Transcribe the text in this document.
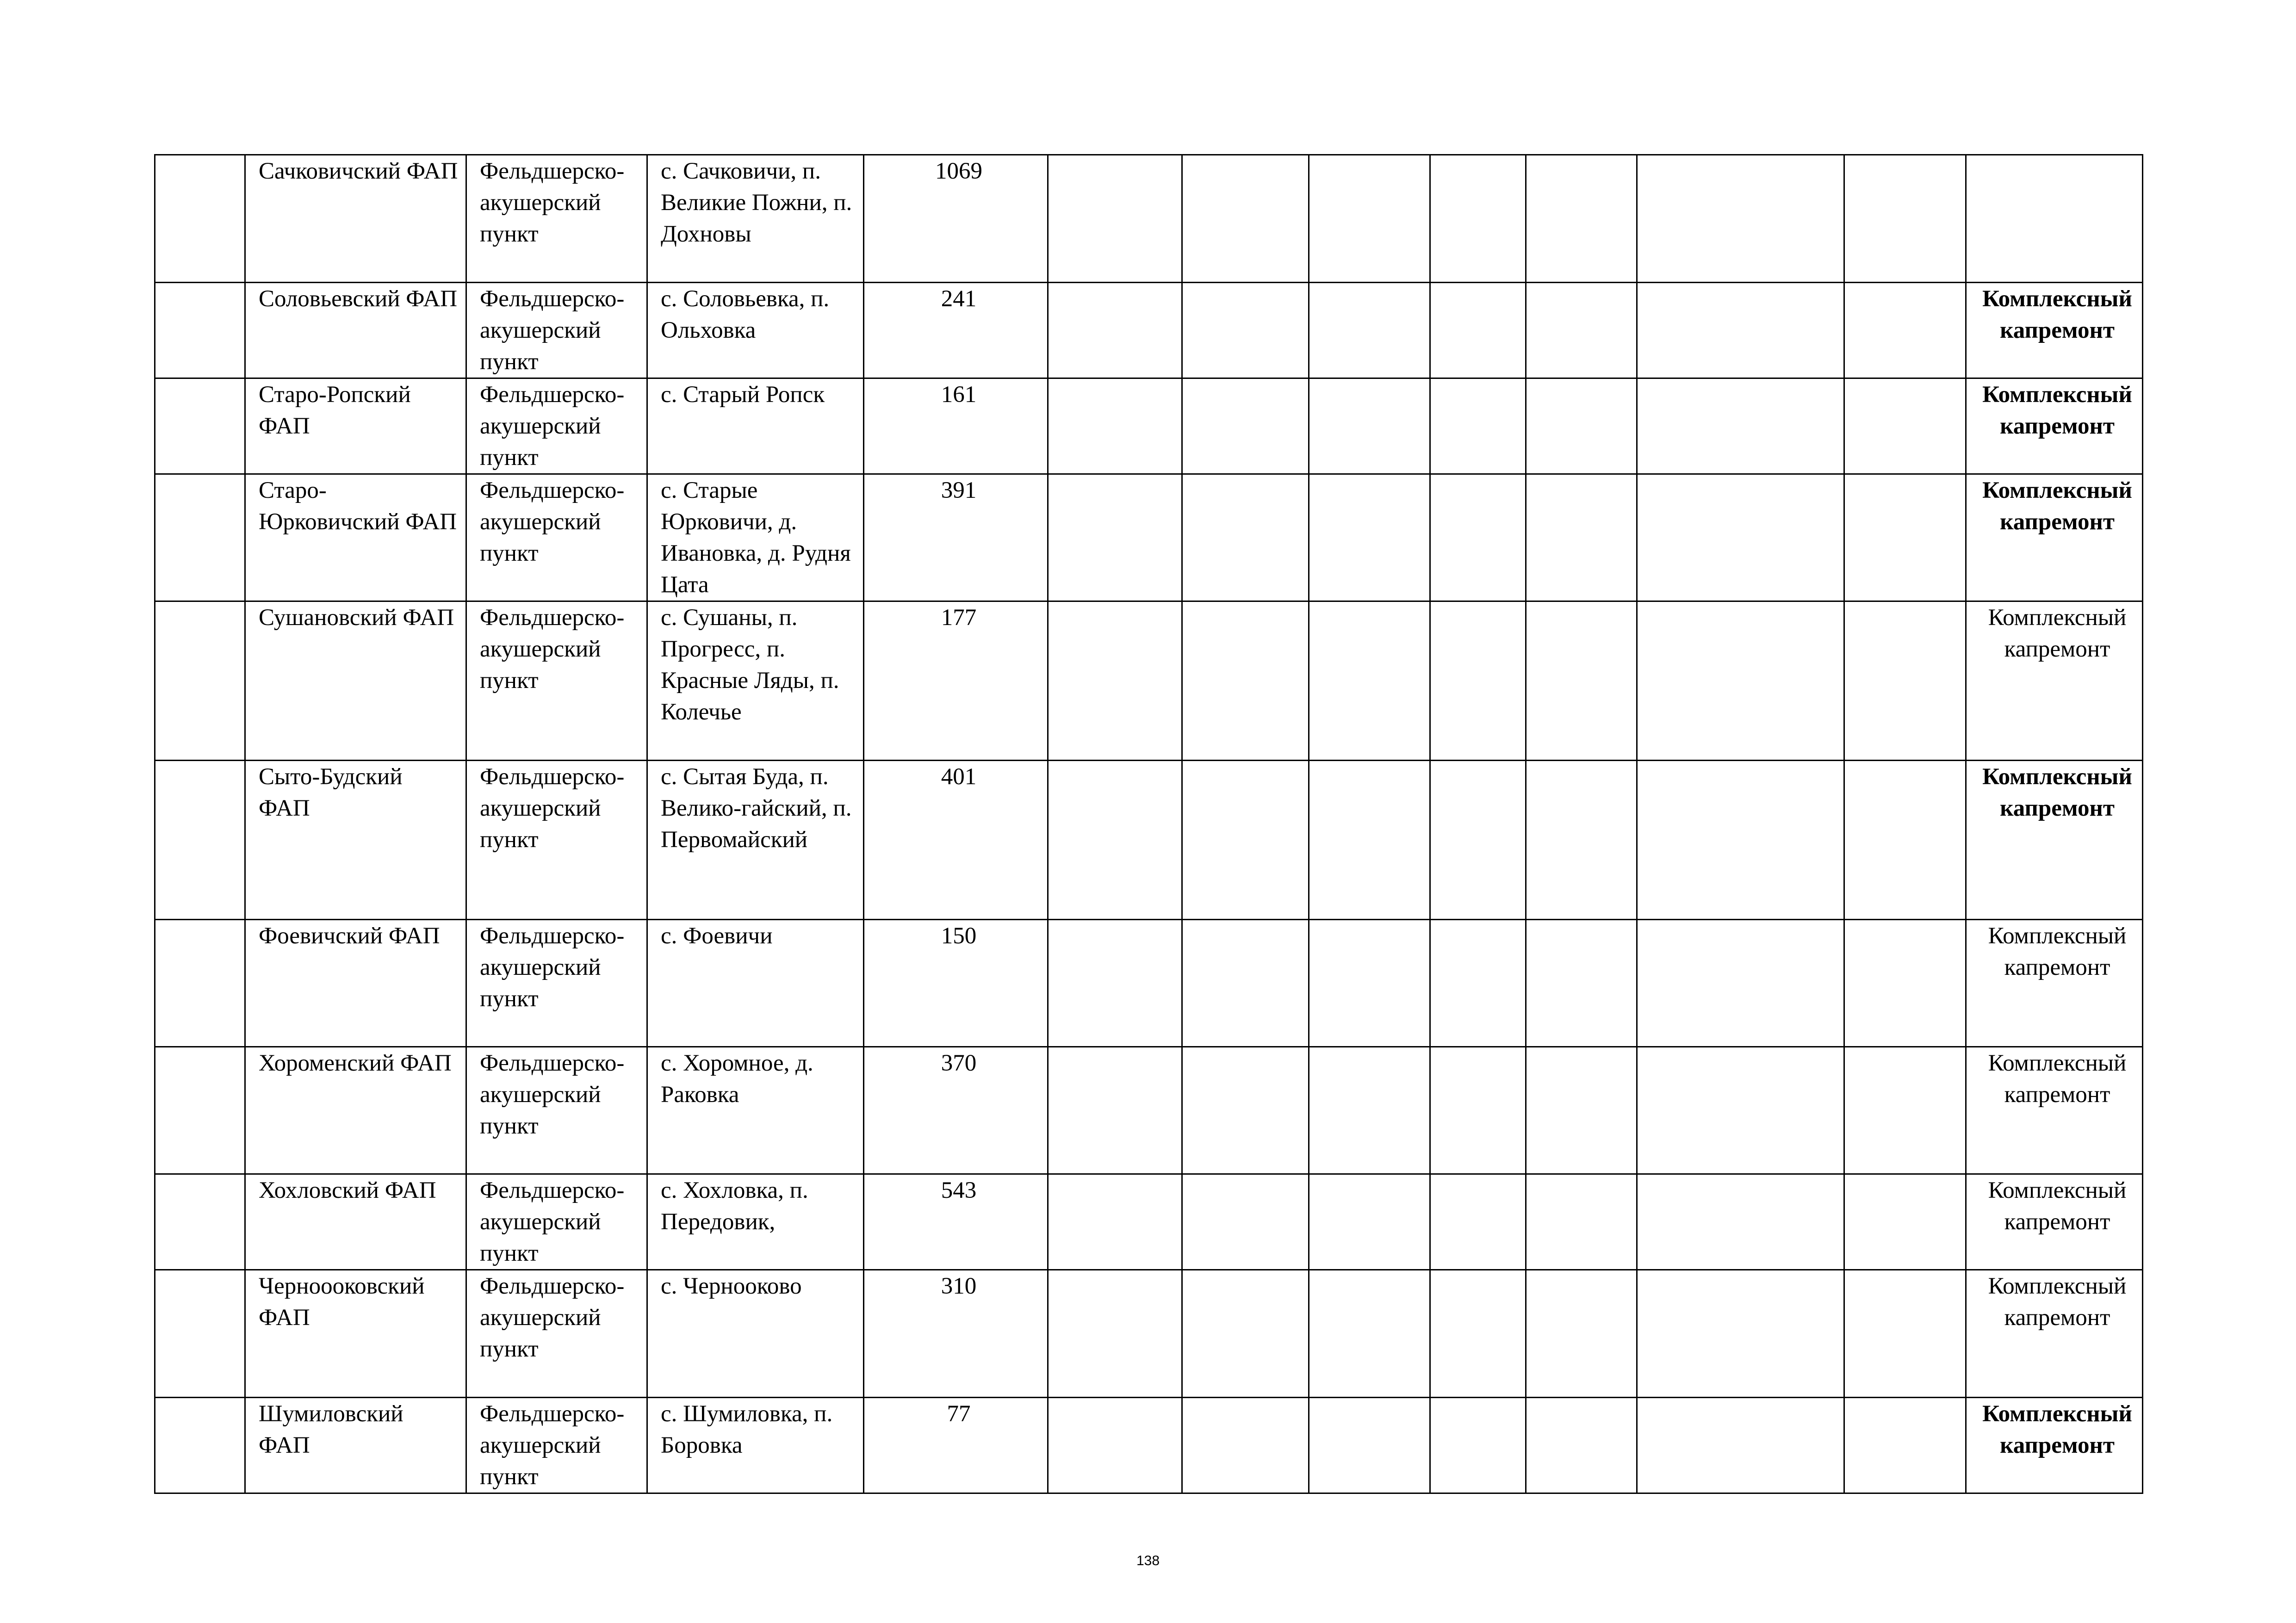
	Сачковичский ФАП	Фельдшерско-акушерский пункт	с. Сачковичи, п. Великие Пожни, п. Дохновы	1069								
	Соловьевский ФАП	Фельдшерско-акушерский пункт	с. Соловьевка, п. Ольховка	241								Комплексный капремонт
	Старо-Ропский ФАП	Фельдшерско-акушерский пункт	с. Старый Ропск	161								Комплексный капремонт
	Старо-Юрковичский ФАП	Фельдшерско-акушерский пункт	с. Старые Юрковичи, д. Ивановка, д. Рудня Цата	391								Комплексный капремонт
	Сушановский ФАП	Фельдшерско-акушерский пункт	с. Сушаны, п. Прогресс, п. Красные Ляды, п. Колечье	177								Комплексный капремонт
	Сыто-Будский ФАП	Фельдшерско-акушерский пункт	с. Сытая Буда, п. Велико-гайский, п. Первомайский	401								Комплексный капремонт
	Фоевичский ФАП	Фельдшерско-акушерский пункт	с. Фоевичи	150								Комплексный капремонт
	Хороменский ФАП	Фельдшерско-акушерский пункт	с. Хоромное, д. Раковка	370								Комплексный капремонт
	Хохловский ФАП	Фельдшерско-акушерский пункт	с. Хохловка, п. Передовик,	543								Комплексный капремонт
	Черноооковский ФАП	Фельдшерско-акушерский пункт	с. Чернооково	310								Комплексный капремонт
	Шумиловский ФАП	Фельдшерско-акушерский пункт	с. Шумиловка, п. Боровка	77								Комплексный капремонт
138
